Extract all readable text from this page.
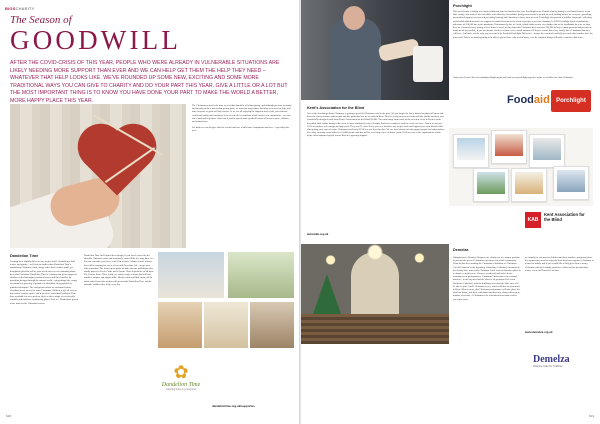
BIGSCHARITY
The Season of
GOODWILL
AFTER THE COVID-CRISIS OF THIS YEAR, PEOPLE WHO WERE ALREADY IN VULNERABLE SITUATIONS ARE LIKELY NEEDING MORE SUPPORT THAN EVER AND WE CAN HELP GET THEM THE HELP THEY NEED – WHATEVER THAT HELP LOOKS LIKE. WE'VE ROUNDED UP SOME NEW, EXCITING AND SOME MORE TRADITIONAL WAYS YOU CAN GIVE TO CHARITY AND DO YOUR PART THIS YEAR. GIVE A LITTLE OR A LOT BUT THE MOST IMPORTANT THING IS TO KNOW YOU HAVE DONE YOUR PART TO MAKE THE WORLD A BETTER, MORE HAPPY PLACE THIS YEAR.

The Christmas period is the time of year that should be all about giving, and although presents to family and friends can be a part of that giving spirit, we must not forget those that may be in need of help, and also everyone of good will this season. As we are all enjoying the happiest time of the year with our wonderful family and friends the least we can do is contribute a little back to our community – to reach out a hand and help those who need it, and to spread some goodwill across all areas in more, children, and animal ones.

We think we can all agree that the world could use a little more compassion and love – especially this year.

Dandelion Time
Looking for a slightly different way to give back? Something a little festive and quirky – well look no further than Dandelion Time's fundraising Christmas Cards, along with a host of other small, yet thoughtful gifts that will be your loved ones too over donating about these this Christmas. Dandelion Time is a charity that gives support to children with challenging emotional issues and their families by providing therapy through the natural world – using things like caring for animals or growing vegetables in affordable living guided by qualified therapists. The card prints include an enchanted winter woodland scene as well as some Christmas Children to get all of us in that festive country spirit. And if you love cards that Dandelion Time have available for us to pick up, there is also a range of eco-friendly reusable and multi-use fundraising gifts to look at – Dandelion's grown at the farm for the Christmas season.
Dandelion Time isn't limited here though, if you aren't enticed by the adorable Christmas cards and beautifully crafted little bee bags there is a list you can make your loves with. Part of their 'Adopt a Lamb' scheme that will be running for you a select until December 5th – so get your bids in quickly! The items up for grabs include: fun site walkabout rides, family passes to Leeds Castle and a Private Glass Experience at Melions The Farmer Store. There really is a whole range of items that will suit families, couples and singles alike. Bid the cards and little treats, all the funds raised from this auction will go towards Dandelion Time and the adorable children they help every day.
✿
Dandelion Time
nurturing hope in young lives
dandeliontime.org.uk/supportus
100
Porchlight
This year charity is asking for a more traditional form of donation this year. Porchlight is the Kentish charity aiming to end homelessness in our little county. Just some of the incredible work that they do includes giving warm meals to people in need, finding homes for everyone, providing personalised support services and providing housing and education to those most in need. Porchlight also provide a helpline for people with drug and alcohol addictions and even support to combat loneliness for a host of people in need of company. In 2019 Porchlight faced a fundraising milestone of £60,000 due to the pandemic. Unfortunately, due to Covid, which shifts society even further due to the foodbanks they are so busy, they are extremely busy, giving a lot of those in need, so they hope this Christmas they can raise £60,000 to buy as many presents and provide as many meals as possible, if you can donate via their website even a small amount will help to ensure that every family has a Christmas that they will love. And that's not the only way you can help. Foodaid Porchlight Deliveries – donate the essentials and help to ensure that families have the most vital. This is an amazing thing to be able to gift to those who need it most, even the simplest things will make a massive difference.
Order your Festive Box at foodaidporchlight.org.uk and visit www.porchlight.org.uk to make a real difference this Christmas.
Foodaid	Porchlight
Kent's Association for the Blind
One of the best things about Christmas is getting a good old Christmas card in the post. All you longer the fun it instead of physical letters and these the letters treasure with friends and this particular box set of cards in Kent. This is a really perfect one both with the charity and they were wonderfully designed cards from Kent's Association for the Blind (KAB). The cards range from some of the sweetest views in Kent to some incredible little robins dining in the snow to some absolutely festive designs. Each box contains a card for every core here. Grab a set for just £3.50 or maybe even a magic message pack. They cost £1 each. Every year in a fantastic way to give back and support your own friends while also getting your own selection. Christmas cards from KAB is a real heart breaker. We are local charity to help support people for independence lives they currently work with over 10,000 people and also will be receiving a free exclusive cards. KAB are one of the organisations which helps vision impaired people across Kent in a growing support.
www.kab.org.uk
KAB
Kent Association for the Blind
Demelza
Sittingbourne's Demelza Hospice care charity are in a unique position to provide the perfect Christmas experience for a little community. Demelza has been making the Christmas celebration of 'Christmas Cars & Concerts' at the legendary Canterbury Cathedral, alternatively the charity have some truly Christmas Carol concert that takes place in a virtual event this year. Always a wonderful and such a heart-warming set of performances. Christmas Choir makes it a seasonal must-see, in the big ones and the show is all performed live from Rochester Cathedral, with the thrilling screen that the little ones will be able to join. Carol's Christmas event, which will also be performed in Kent. What is more, this Christmas performance will take place live from our house, just there with Santa and his team, along with a great number of friends. A Christmas to be remembered no matter where you come from.
or virtually to cinemas for children and their families and giving them the support they need to enjoy the time they have together. Christmas is a time for family and if you would like to help give those a merry Christmas with their family, purchase a ticket to this spectacularly festive event via Demelza's website.
www.demelza.org.uk
Demelza
Hospice Care for Children
101
